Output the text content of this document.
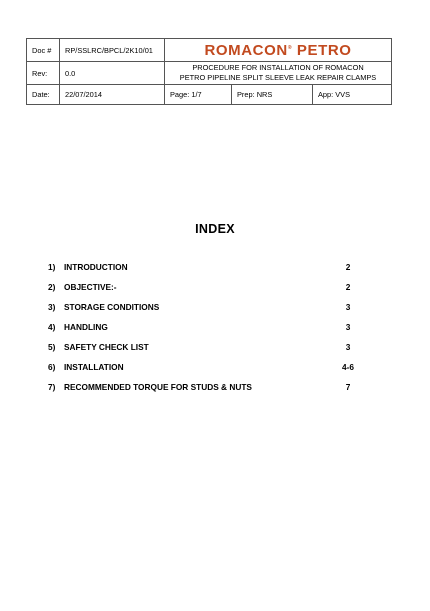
Doc #	RP/SSLRC/BPCL/2K10/01	ROMACON® PETRO		
Rev:	0.0	PROCEDURE FOR INSTALLATION OF ROMACON
PETRO PIPELINE SPLIT SLEEVE LEAK REPAIR CLAMPS		

Date:	22/07/2014	Page: 1/7	Prep: NRS	App: VVS
INDEX
1) INTRODUCTION	2
2) OBJECTIVE:-	2
3) STORAGE CONDITIONS	3
4) HANDLING	3
5) SAFETY CHECK LIST	3
6) INSTALLATION	4-6
7) RECOMMENDED TORQUE FOR STUDS & NUTS	7
